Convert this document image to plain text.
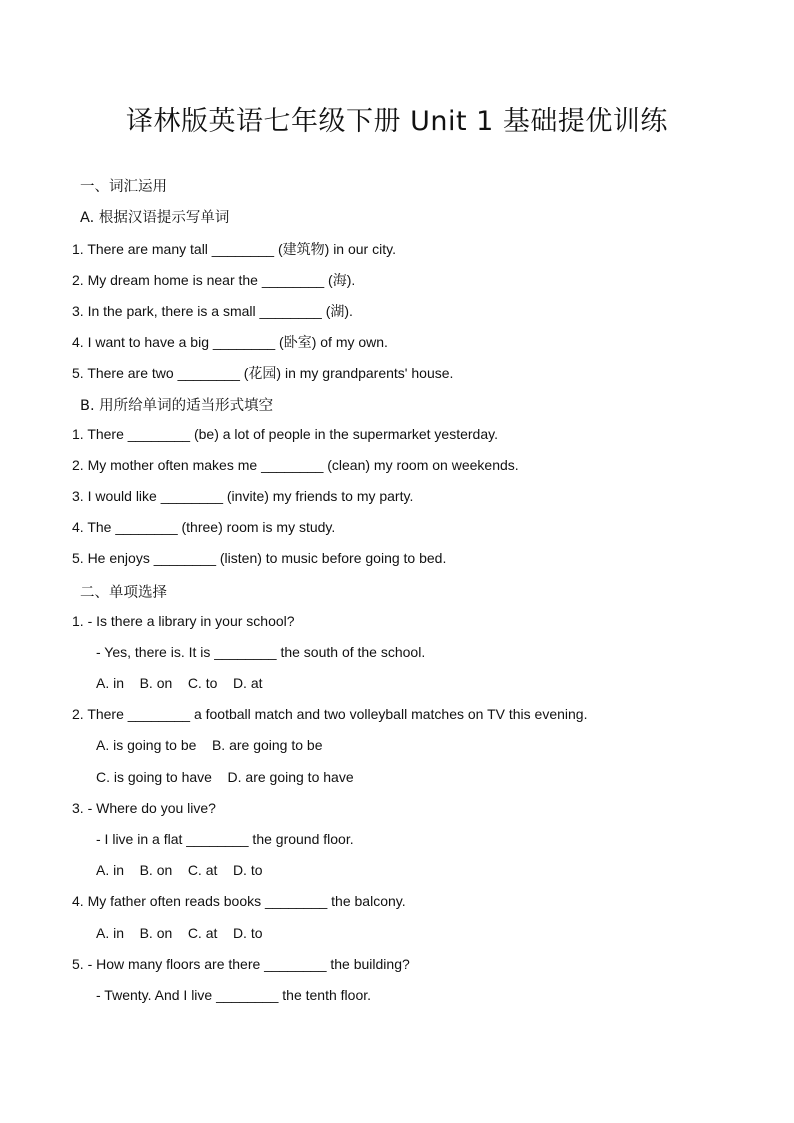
译林版英语七年级下册 Unit 1 基础提优训练
一、词汇运用
A. 根据汉语提示写单词
1. There are many tall ________ (建筑物) in our city.
2. My dream home is near the ________ (海).
3. In the park, there is a small ________ (湖).
4. I want to have a big ________ (卧室) of my own.
5. There are two ________ (花园) in my grandparents' house.
B. 用所给单词的适当形式填空
1. There ________ (be) a lot of people in the supermarket yesterday.
2. My mother often makes me ________ (clean) my room on weekends.
3. I would like ________ (invite) my friends to my party.
4. The ________ (three) room is my study.
5. He enjoys ________ (listen) to music before going to bed.
二、单项选择
1. - Is there a library in your school?
- Yes, there is. It is ________ the south of the school.
A. in    B. on    C. to    D. at
2. There ________ a football match and two volleyball matches on TV this evening.
A. is going to be    B. are going to be
C. is going to have    D. are going to have
3. - Where do you live?
- I live in a flat ________ the ground floor.
A. in    B. on    C. at    D. to
4. My father often reads books ________ the balcony.
A. in    B. on    C. at    D. to
5. - How many floors are there ________ the building?
- Twenty. And I live ________ the tenth floor.
